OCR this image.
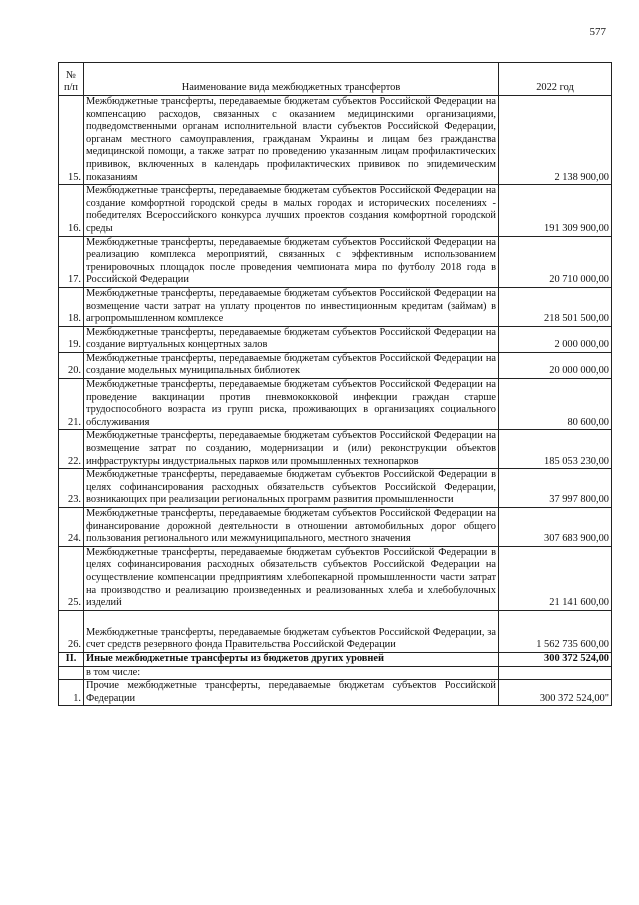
577
№ п/п	Наименование вида межбюджетных трансфертов	2022 год
15.	Межбюджетные трансферты, передаваемые бюджетам субъектов Российской Федерации на компенсацию расходов, связанных с оказанием медицинскими организациями, подведомственными органам исполнительной власти субъектов Российской Федерации, органам местного самоуправления, гражданам Украины и лицам без гражданства медицинской помощи, а также затрат по проведению указанным лицам профилактических прививок, включенных в календарь профилактических прививок по эпидемическим показаниям	2 138 900,00
16.	Межбюджетные трансферты, передаваемые бюджетам субъектов Российской Федерации на создание комфортной городской среды в малых городах и исторических поселениях - победителях Всероссийского конкурса лучших проектов создания комфортной городской среды	191 309 900,00
17.	Межбюджетные трансферты, передаваемые бюджетам субъектов Российской Федерации на реализацию комплекса мероприятий, связанных с эффективным использованием тренировочных площадок после проведения чемпионата мира по футболу 2018 года в Российской Федерации	20 710 000,00
18.	Межбюджетные трансферты, передаваемые бюджетам субъектов Российской Федерации на возмещение части затрат на уплату процентов по инвестиционным кредитам (займам) в агропромышленном комплексе	218 501 500,00
19.	Межбюджетные трансферты, передаваемые бюджетам субъектов Российской Федерации на создание виртуальных концертных залов	2 000 000,00
20.	Межбюджетные трансферты, передаваемые бюджетам субъектов Российской Федерации на создание модельных муниципальных библиотек	20 000 000,00
21.	Межбюджетные трансферты, передаваемые бюджетам субъектов Российской Федерации на проведение вакцинации против пневмококковой инфекции граждан старше трудоспособного возраста из групп риска, проживающих в организациях социального обслуживания	80 600,00
22.	Межбюджетные трансферты, передаваемые бюджетам субъектов Российской Федерации на возмещение затрат по созданию, модернизации и (или) реконструкции объектов инфраструктуры индустриальных парков или промышленных технопарков	185 053 230,00
23.	Межбюджетные трансферты, передаваемые бюджетам субъектов Российской Федерации в целях софинансирования расходных обязательств субъектов Российской Федерации, возникающих при реализации региональных программ развития промышленности	37 997 800,00
24.	Межбюджетные трансферты, передаваемые бюджетам субъектов Российской Федерации на финансирование дорожной деятельности в отношении автомобильных дорог общего пользования регионального или межмуниципального, местного значения	307 683 900,00
25.	Межбюджетные трансферты, передаваемые бюджетам субъектов Российской Федерации в целях софинансирования расходных обязательств субъектов Российской Федерации на осуществление компенсации предприятиям хлебопекарной промышленности части затрат на производство и реализацию произведенных и реализованных хлеба и хлебобулочных изделий	21 141 600,00
26.	Межбюджетные трансферты, передаваемые бюджетам субъектов Российской Федерации, за счет средств резервного фонда Правительства Российской Федерации	1 562 735 600,00
II.	Иные межбюджетные трансферты из бюджетов других уровней	300 372 524,00
	в том числе:	
1.	Прочие межбюджетные трансферты, передаваемые бюджетам субъектов Российской Федерации	300 372 524,00"
